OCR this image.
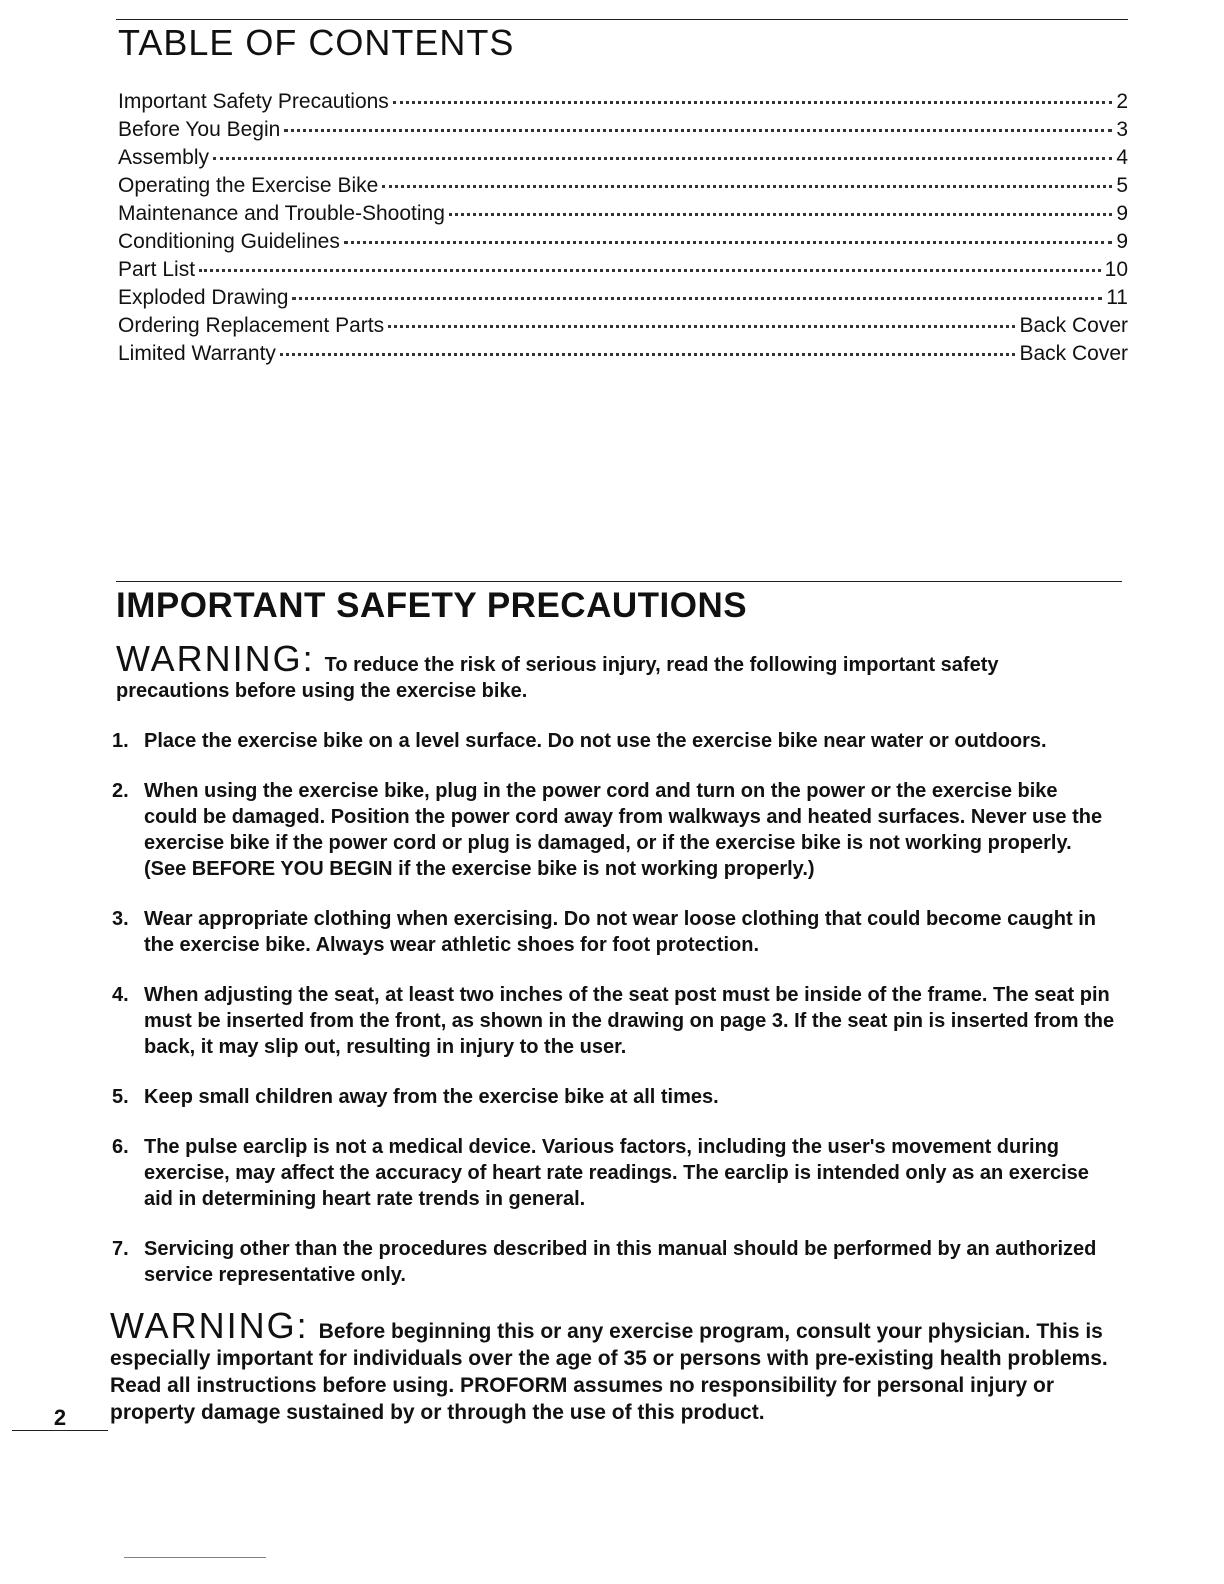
TABLE OF CONTENTS
Important Safety Precautions	2
Before You Begin	3
Assembly	4
Operating the Exercise Bike	5
Maintenance and Trouble-Shooting	9
Conditioning Guidelines	9
Part List	10
Exploded Drawing	11
Ordering Replacement Parts	Back Cover
Limited Warranty	Back Cover
IMPORTANT SAFETY PRECAUTIONS
WARNING: To reduce the risk of serious injury, read the following important safety precautions before using the exercise bike.
1. Place the exercise bike on a level surface. Do not use the exercise bike near water or outdoors.
2. When using the exercise bike, plug in the power cord and turn on the power or the exercise bike could be damaged. Position the power cord away from walkways and heated surfaces. Never use the exercise bike if the power cord or plug is damaged, or if the exercise bike is not working properly. (See BEFORE YOU BEGIN if the exercise bike is not working properly.)
3. Wear appropriate clothing when exercising. Do not wear loose clothing that could become caught in the exercise bike. Always wear athletic shoes for foot protection.
4. When adjusting the seat, at least two inches of the seat post must be inside of the frame. The seat pin must be inserted from the front, as shown in the drawing on page 3. If the seat pin is inserted from the back, it may slip out, resulting in injury to the user.
5. Keep small children away from the exercise bike at all times.
6. The pulse earclip is not a medical device. Various factors, including the user's movement during exercise, may affect the accuracy of heart rate readings. The earclip is intended only as an exercise aid in determining heart rate trends in general.
7. Servicing other than the procedures described in this manual should be performed by an authorized service representative only.
WARNING: Before beginning this or any exercise program, consult your physician. This is especially important for individuals over the age of 35 or persons with pre-existing health problems. Read all instructions before using. PROFORM assumes no responsibility for personal injury or property damage sustained by or through the use of this product.
2
